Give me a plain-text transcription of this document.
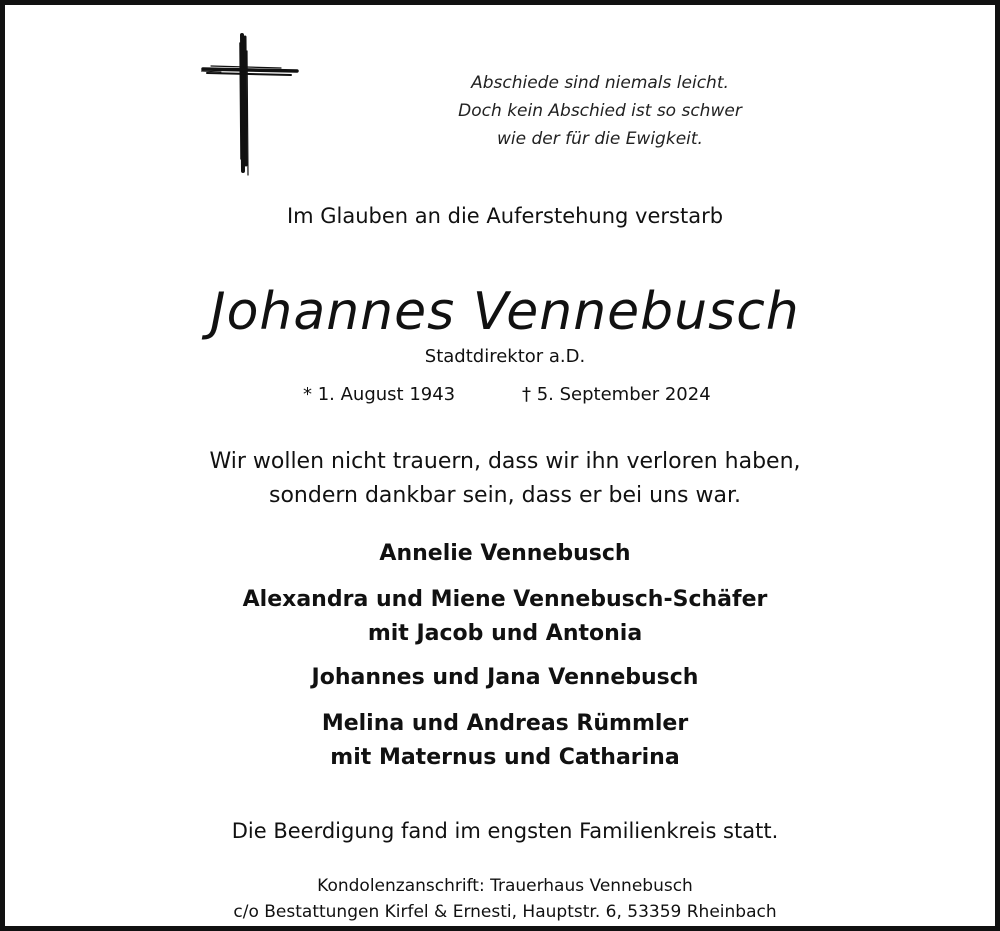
Abschiede sind niemals leicht.
Doch kein Abschied ist so schwer
wie der für die Ewigkeit.
Im Glauben an die Auferstehung verstarb
Johannes Vennebusch
Stadtdirektor a.D.
* 1. August 1943	† 5. September 2024
Wir wollen nicht trauern, dass wir ihn verloren haben,
sondern dankbar sein, dass er bei uns war.
Annelie Vennebusch
Alexandra und Miene Vennebusch-Schäfer
mit Jacob und Antonia
Johannes und Jana Vennebusch
Melina und Andreas Rümmler
mit Maternus und Catharina
Die Beerdigung fand im engsten Familienkreis statt.
Kondolenzanschrift: Trauerhaus Vennebusch
c/o Bestattungen Kirfel & Ernesti, Hauptstr. 6, 53359 Rheinbach
